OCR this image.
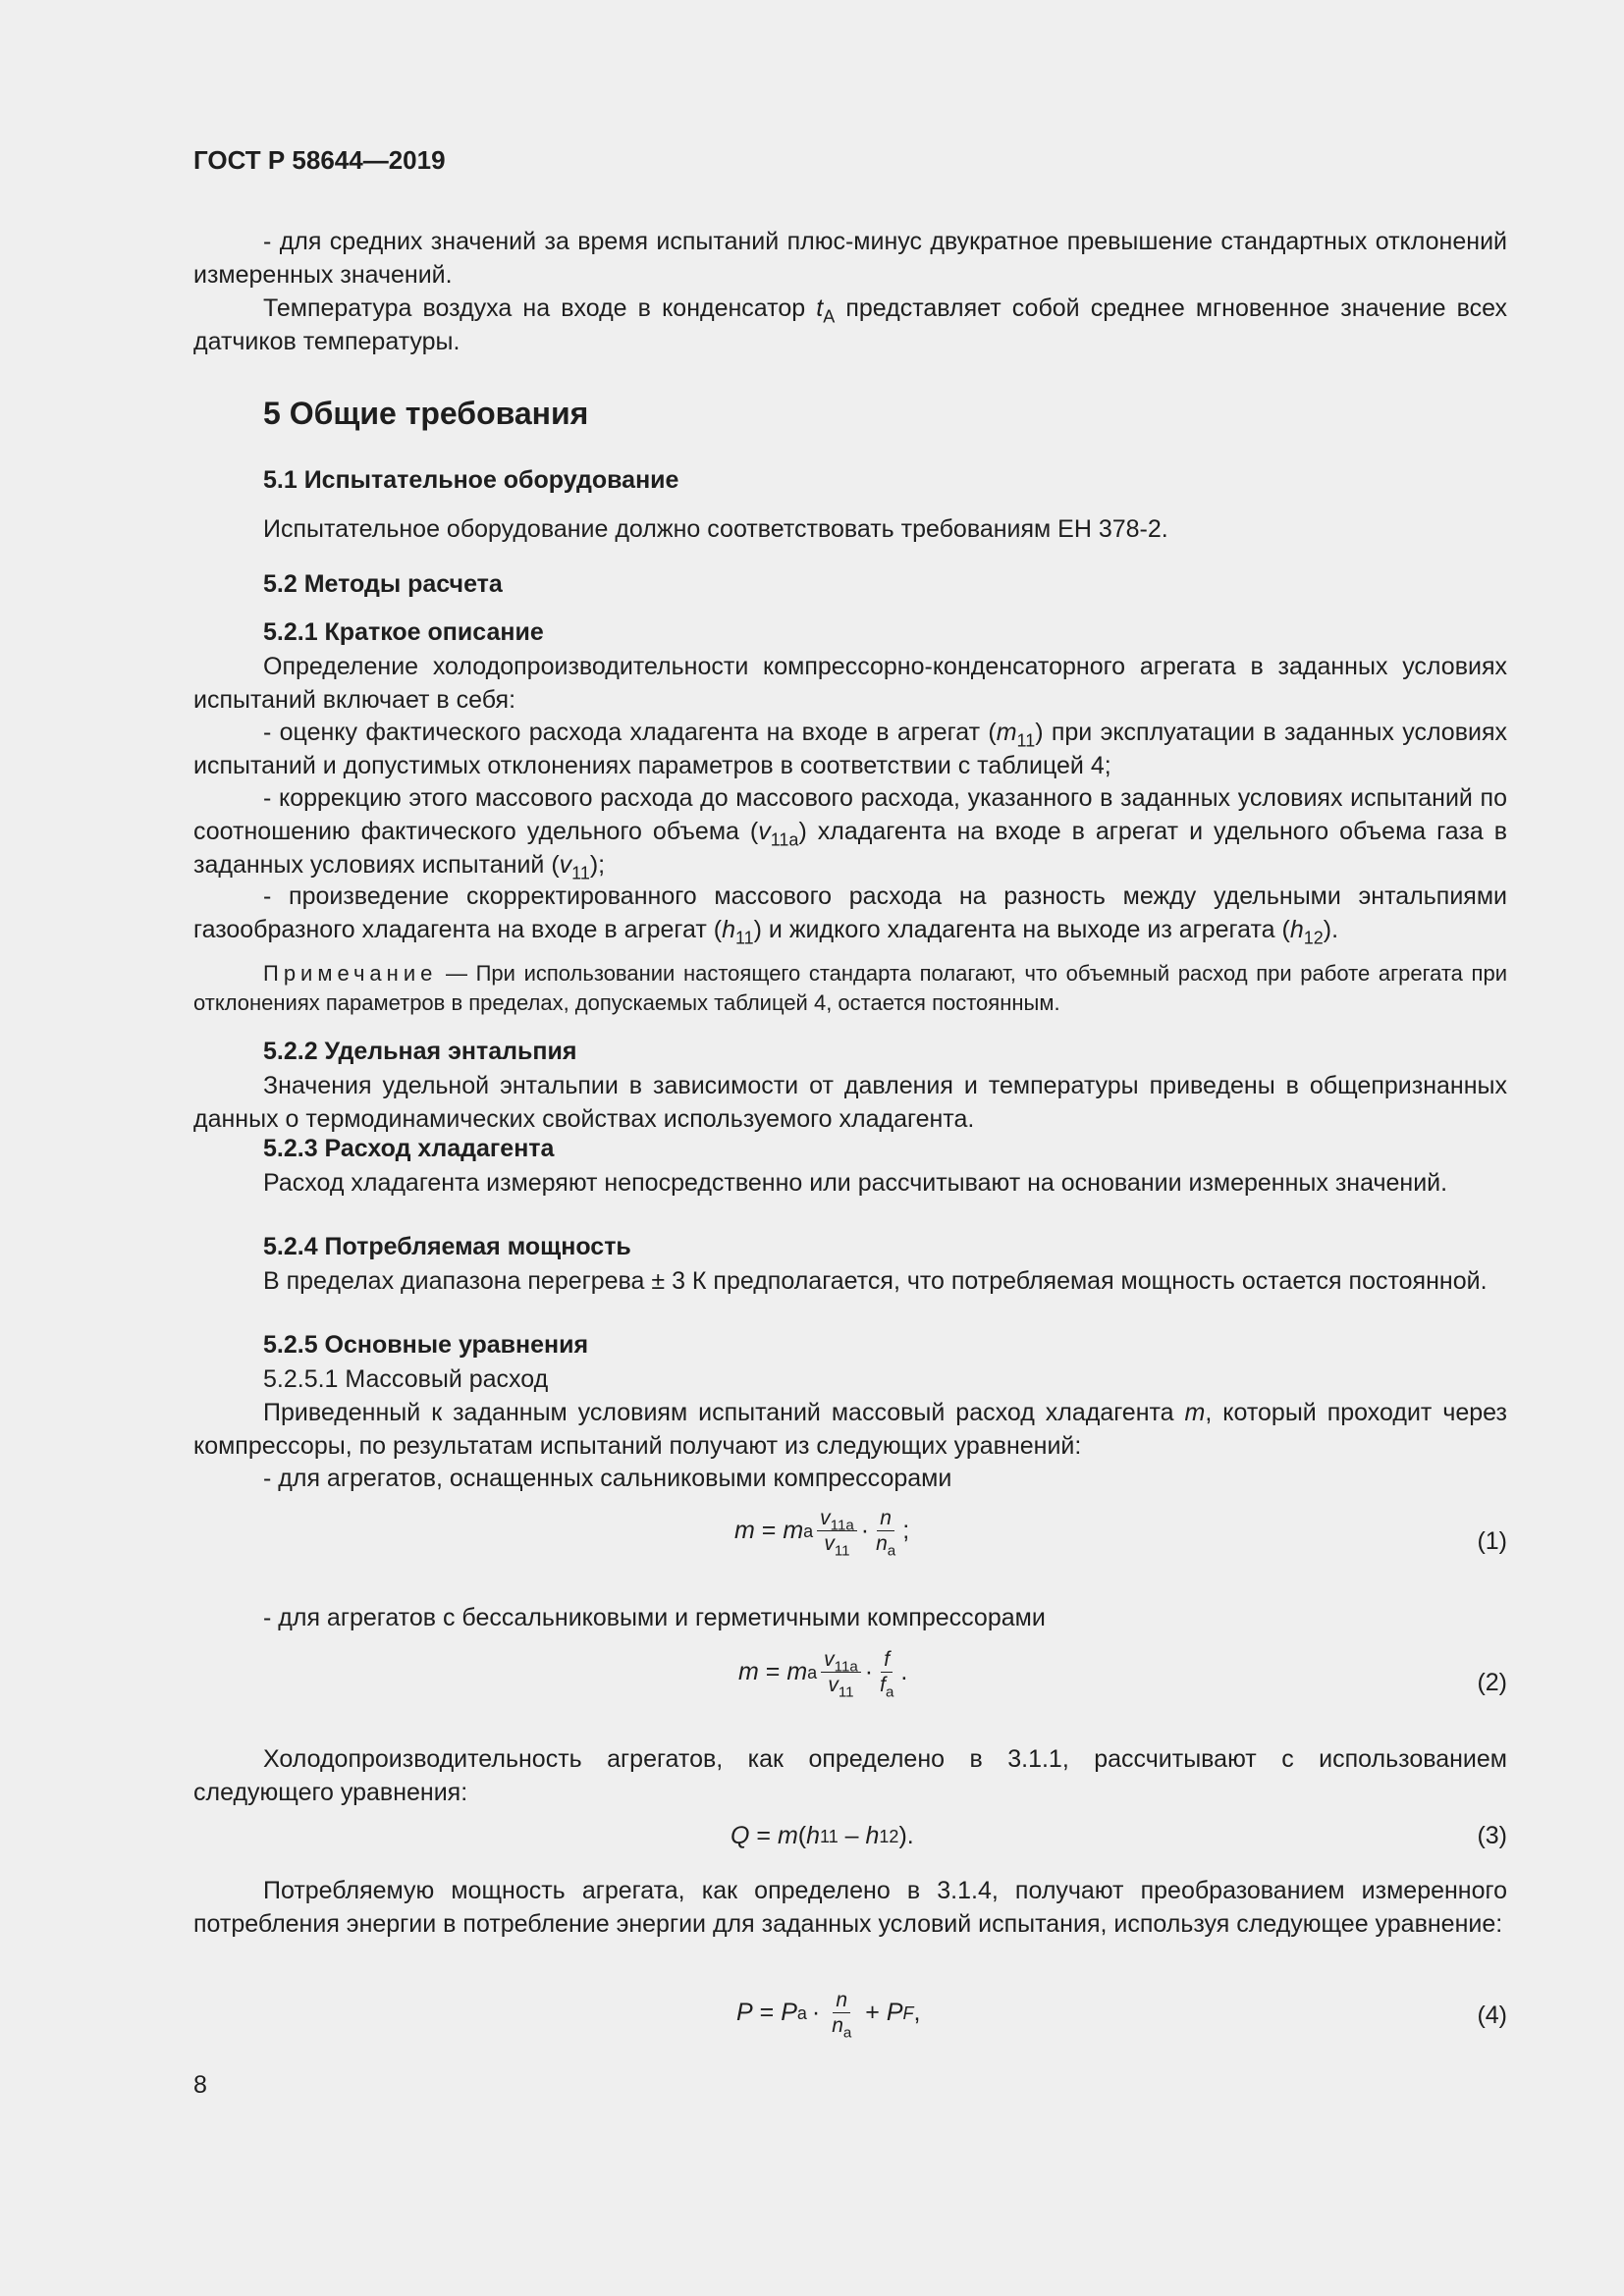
ГОСТ Р 58644—2019
- для средних значений за время испытаний плюс-минус двукратное превышение стандартных отклонений измеренных значений.
Температура воздуха на входе в конденсатор $t_A$ представляет собой среднее мгновенное значение всех датчиков температуры.
5 Общие требования
5.1 Испытательное оборудование
Испытательное оборудование должно соответствовать требованиям ЕН 378-2.
5.2 Методы расчета
5.2.1 Краткое описание
Определение холодопроизводительности компрессорно-конденсаторного агрегата в заданных условиях испытаний включает в себя:
- оценку фактического расхода хладагента на входе в агрегат $(m_{11})$ при эксплуатации в заданных условиях испытаний и допустимых отклонениях параметров в соответствии с таблицей 4;
- коррекцию этого массового расхода до массового расхода, указанного в заданных условиях испытаний по соотношению фактического удельного объема $(v_{11a})$ хладагента на входе в агрегат и удельного объема газа в заданных условиях испытаний $(v_{11})$;
- произведение скорректированного массового расхода на разность между удельными энтальпиями газообразного хладагента на входе в агрегат $(h_{11})$ и жидкого хладагента на выходе из агрегата $(h_{12})$.
Примечание — При использовании настоящего стандарта полагают, что объемный расход при работе агрегата при отклонениях параметров в пределах, допускаемых таблицей 4, остается постоянным.
5.2.2 Удельная энтальпия
Значения удельной энтальпии в зависимости от давления и температуры приведены в общепризнанных данных о термодинамических свойствах используемого хладагента.
5.2.3 Расход хладагента
Расход хладагента измеряют непосредственно или рассчитывают на основании измеренных значений.
5.2.4 Потребляемая мощность
В пределах диапазона перегрева ± 3 К предполагается, что потребляемая мощность остается постоянной.
5.2.5 Основные уравнения
5.2.5.1 Массовый расход
Приведенный к заданным условиям испытаний массовый расход хладагента m, который проходит через компрессоры, по результатам испытаний получают из следующих уравнений:
- для агрегатов, оснащенных сальниковыми компрессорами
m = m a $\frac{v_{11a}}{v_{11}} \cdot \frac{n}{n_a}$ ;	(1)
- для агрегатов с бессальниковыми и герметичными компрессорами
m = m a $\frac{v_{11a}}{v_{11}} \cdot \frac{f}{f_a}$ .	(2)
Холодопроизводительность агрегатов, как определено в 3.1.1, рассчитывают с использованием следующего уравнения:
Q = m ( h 11 – h 12 ).	(3)
Потребляемую мощность агрегата, как определено в 3.1.4, получают преобразованием измеренного потребления энергии в потребление энергии для заданных условий испытания, используя следующее уравнение:
P = P $a \cdot \frac{n}{n_a} + P$ F ,	(4)
8
